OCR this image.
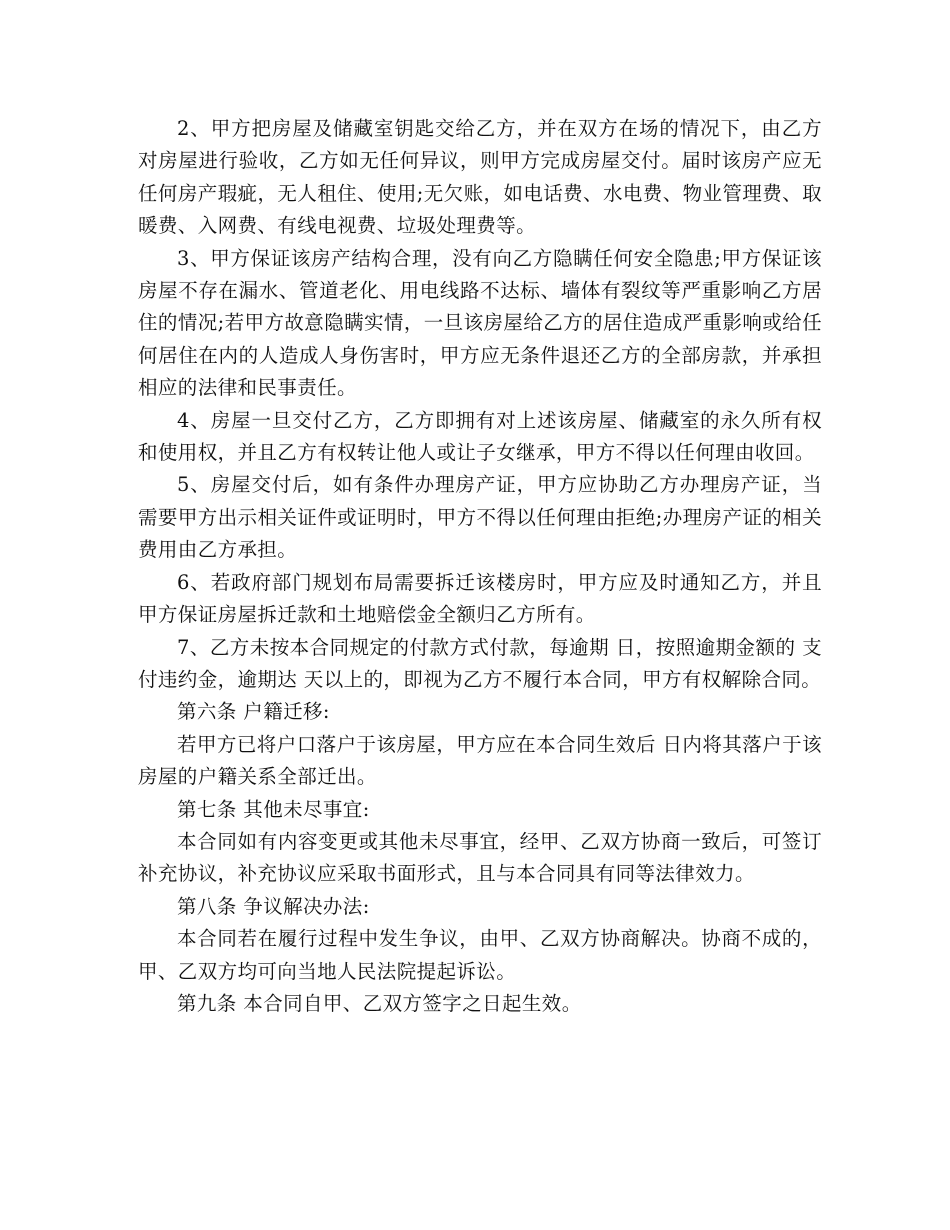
2、甲方把房屋及储藏室钥匙交给乙方，并在双方在场的情况下，由乙方对房屋进行验收，乙方如无任何异议，则甲方完成房屋交付。届时该房产应无任何房产瑕疵，无人租住、使用;无欠账，如电话费、水电费、物业管理费、取暖费、入网费、有线电视费、垃圾处理费等。

3、甲方保证该房产结构合理，没有向乙方隐瞒任何安全隐患;甲方保证该房屋不存在漏水、管道老化、用电线路不达标、墙体有裂纹等严重影响乙方居住的情况;若甲方故意隐瞒实情，一旦该房屋给乙方的居住造成严重影响或给任何居住在内的人造成人身伤害时，甲方应无条件退还乙方的全部房款，并承担相应的法律和民事责任。

4、房屋一旦交付乙方，乙方即拥有对上述该房屋、储藏室的永久所有权和使用权，并且乙方有权转让他人或让子女继承，甲方不得以任何理由收回。

5、房屋交付后，如有条件办理房产证，甲方应协助乙方办理房产证，当需要甲方出示相关证件或证明时，甲方不得以任何理由拒绝;办理房产证的相关费用由乙方承担。

6、若政府部门规划布局需要拆迁该楼房时，甲方应及时通知乙方，并且甲方保证房屋拆迁款和土地赔偿金全额归乙方所有。

7、乙方未按本合同规定的付款方式付款，每逾期 日，按照逾期金额的 支付违约金，逾期达 天以上的，即视为乙方不履行本合同，甲方有权解除合同。

第六条 户籍迁移:

若甲方已将户口落户于该房屋，甲方应在本合同生效后 日内将其落户于该房屋的户籍关系全部迁出。

第七条 其他未尽事宜:

本合同如有内容变更或其他未尽事宜，经甲、乙双方协商一致后，可签订补充协议，补充协议应采取书面形式，且与本合同具有同等法律效力。

第八条 争议解决办法:

本合同若在履行过程中发生争议，由甲、乙双方协商解决。协商不成的，甲、乙双方均可向当地人民法院提起诉讼。

第九条 本合同自甲、乙双方签字之日起生效。
